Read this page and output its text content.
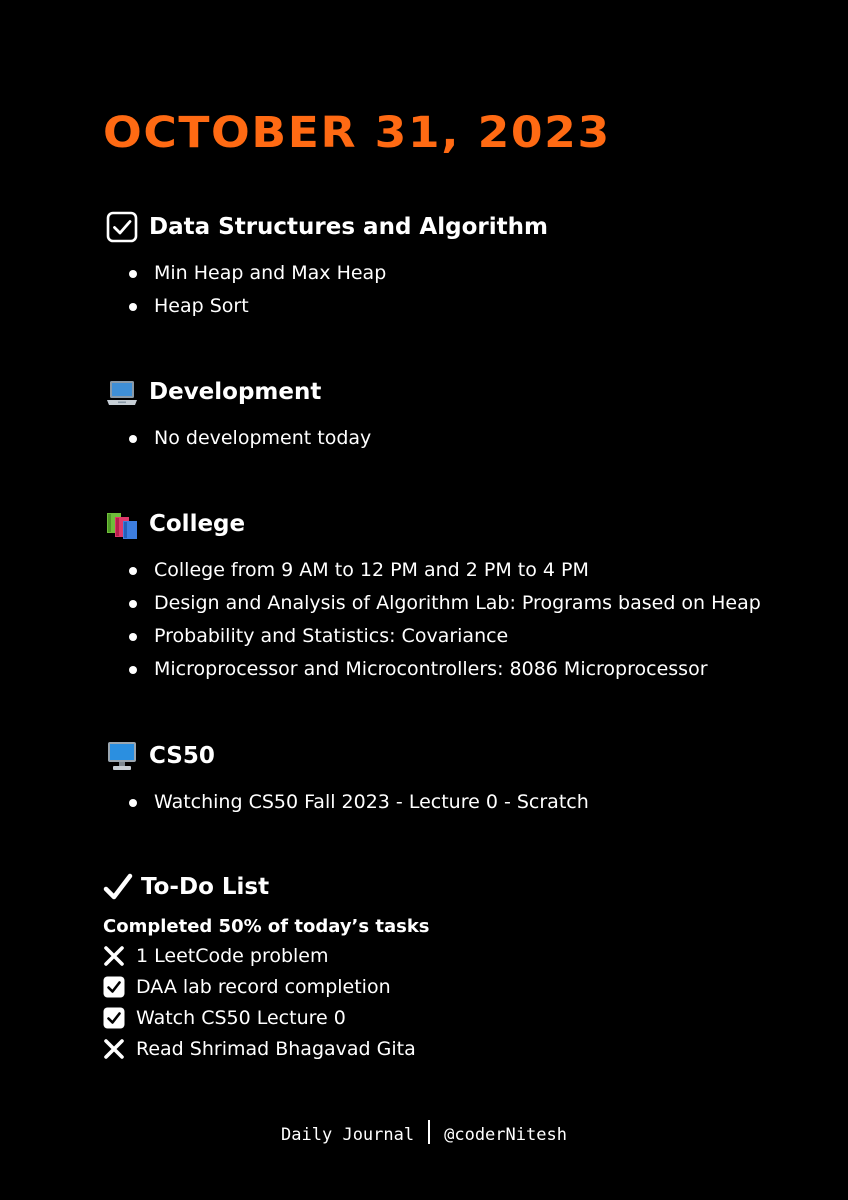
OCTOBER 31, 2023
Data Structures and Algorithm
Min Heap and Max Heap
Heap Sort
Development
No development today
College
College from 9 AM to 12 PM and 2 PM to 4 PM
Design and Analysis of Algorithm Lab: Programs based on Heap
Probability and Statistics: Covariance
Microprocessor and Microcontrollers: 8086 Microprocessor
CS50
Watching CS50 Fall 2023 - Lecture 0 - Scratch
To-Do List
Completed 50% of today’s tasks
1 LeetCode problem
DAA lab record completion
Watch CS50 Lecture 0
Read Shrimad Bhagavad Gita
Daily Journal @coderNitesh
